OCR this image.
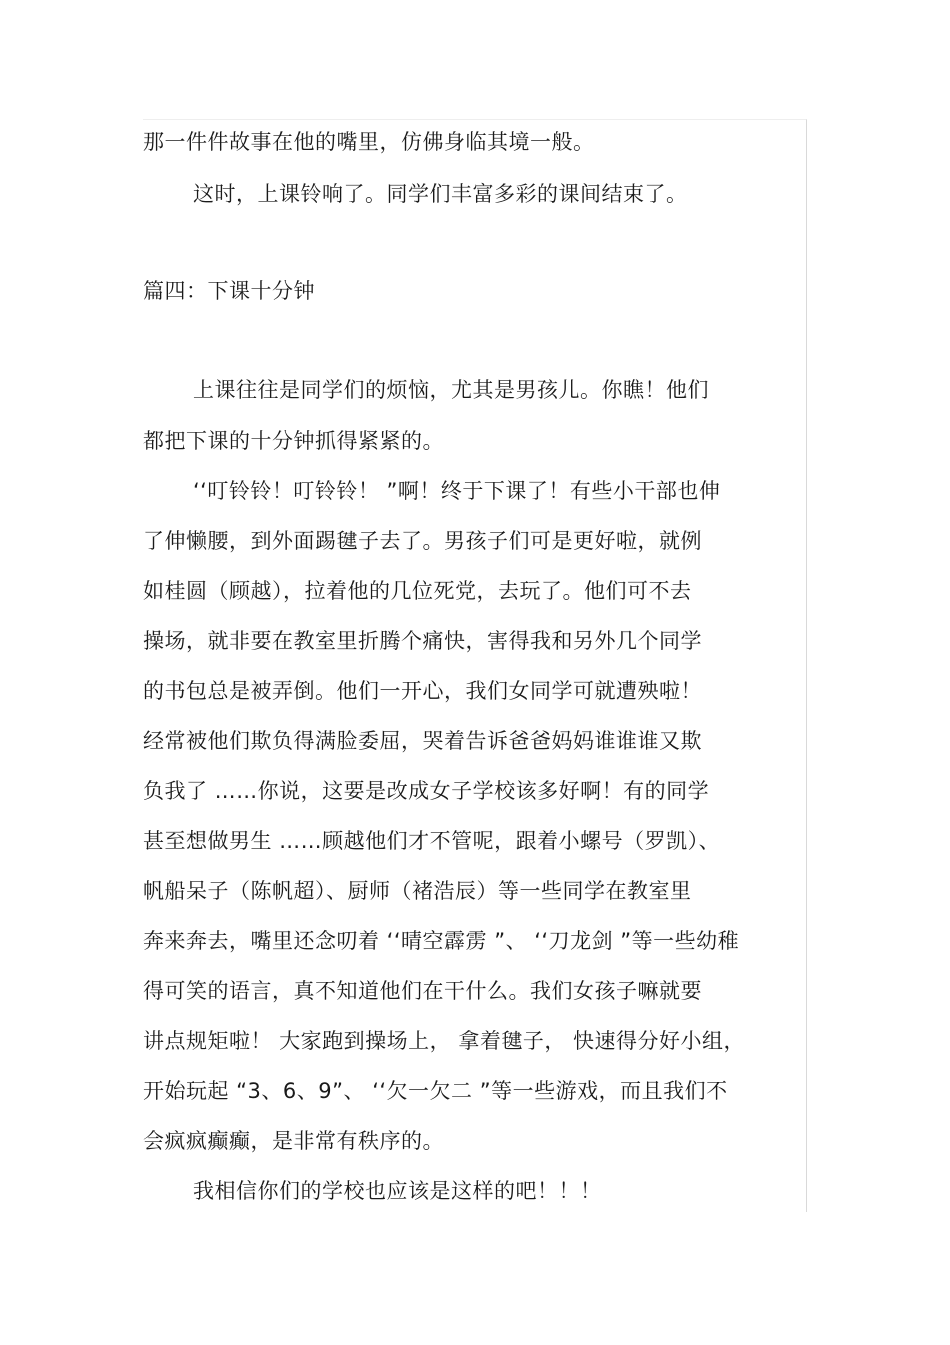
那一件件故事在他的嘴里，仿佛身临其境一般。
这时，上课铃响了。同学们丰富多彩的课间结束了。
篇四：下课十分钟
上课往往是同学们的烦恼，尤其是男孩儿。你瞧！他们
都把下课的十分钟抓得紧紧的。
‘‘叮铃铃！叮铃铃！ ”啊！终于下课了！有些小干部也伸
了伸懒腰，到外面踢毽子去了。男孩子们可是更好啦，就例
如桂圆（顾越），拉着他的几位死党，去玩了。他们可不去
操场，就非要在教室里折腾个痛快，害得我和另外几个同学
的书包总是被弄倒。他们一开心，我们女同学可就遭殃啦！
经常被他们欺负得满脸委屈，哭着告诉爸爸妈妈谁谁谁又欺
负我了 ……你说，这要是改成女子学校该多好啊！有的同学
甚至想做男生 ……顾越他们才不管呢，跟着小螺号（罗凯）、
帆船呆子（陈帆超）、厨师（褚浩辰）等一些同学在教室里
奔来奔去，嘴里还念叨着 ‘‘晴空霹雳 ”、 ‘‘刀龙剑 ”等一些幼稚
得可笑的语言，真不知道他们在干什么。我们女孩子嘛就要
讲点规矩啦！ 大家跑到操场上， 拿着毽子， 快速得分好小组，
开始玩起 “3、6、9”、 ‘‘欠一欠二 ”等一些游戏，而且我们不
会疯疯癫癫，是非常有秩序的。
我相信你们的学校也应该是这样的吧！！！
